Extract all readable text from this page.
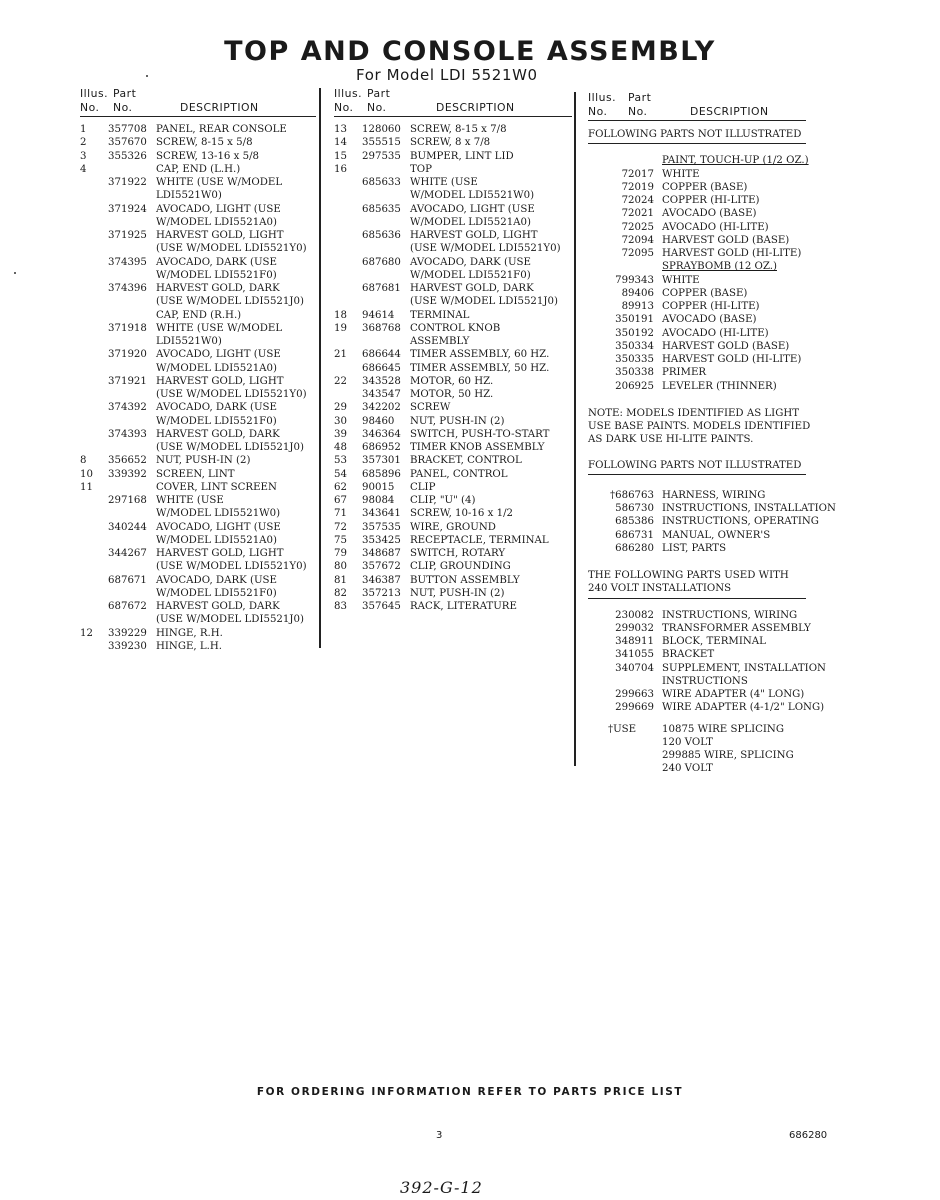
TOP AND CONSOLE ASSEMBLY
For Model LDI 5521W0
Illus. Part
No. No.	DESCRIPTION
1	357708 PANEL, REAR CONSOLE
2	357670 SCREW, 8-15 x 5/8
3	355326 SCREW, 13-16 x 5/8
4	CAP, END (L.H.)
371922 WHITE (USE W/MODEL
LDI5521W0)
371924 AVOCADO, LIGHT (USE
W/MODEL LDI5521A0)
371925 HARVEST GOLD, LIGHT
(USE W/MODEL LDI5521Y0)
374395 AVOCADO, DARK (USE
W/MODEL LDI5521F0)
374396 HARVEST GOLD, DARK
(USE W/MODEL LDI5521J0)
CAP, END (R.H.)
371918 WHITE (USE W/MODEL
LDI5521W0)
371920 AVOCADO, LIGHT (USE
W/MODEL LDI5521A0)
371921 HARVEST GOLD, LIGHT
(USE W/MODEL LDI5521Y0)
374392 AVOCADO, DARK (USE
W/MODEL LDI5521F0)
374393 HARVEST GOLD, DARK
(USE W/MODEL LDI5521J0)
8	356652 NUT, PUSH-IN (2)
10	339392 SCREEN, LINT
11	COVER, LINT SCREEN
297168 WHITE (USE
W/MODEL LDI5521W0)
340244 AVOCADO, LIGHT (USE
W/MODEL LDI5521A0)
344267 HARVEST GOLD, LIGHT
(USE W/MODEL LDI5521Y0)
687671 AVOCADO, DARK (USE
W/MODEL LDI5521F0)
687672 HARVEST GOLD, DARK
(USE W/MODEL LDI5521J0)
12	339229 HINGE, R.H.
339230 HINGE, L.H.
Illus. Part
No. No.	DESCRIPTION
13	128060 SCREW, 8-15 x 7/8
14	355515 SCREW, 8 x 7/8
15	297535 BUMPER, LINT LID
16	TOP
685633 WHITE (USE
W/MODEL LDI5521W0)
685635 AVOCADO, LIGHT (USE
W/MODEL LDI5521A0)
685636 HARVEST GOLD, LIGHT
(USE W/MODEL LDI5521Y0)
687680 AVOCADO, DARK (USE
W/MODEL LDI5521F0)
687681 HARVEST GOLD, DARK
(USE W/MODEL LDI5521J0)
18	94614	TERMINAL
19	368768 CONTROL KNOB
ASSEMBLY
21	686644 TIMER ASSEMBLY, 60 HZ.
686645 TIMER ASSEMBLY, 50 HZ.
22	343528 MOTOR, 60 HZ.
343547 MOTOR, 50 HZ.
29	342202 SCREW
30	98460	NUT, PUSH-IN (2)
39	346364 SWITCH, PUSH-TO-START
48	686952 TIMER KNOB ASSEMBLY
53	357301 BRACKET, CONTROL
54	685896 PANEL, CONTROL
62	90015	CLIP
67	98084	CLIP, "U" (4)
71	343641 SCREW, 10-16 x 1/2
72	357535 WIRE, GROUND
75	353425 RECEPTACLE, TERMINAL
79	348687 SWITCH, ROTARY
80	357672 CLIP, GROUNDING
81	346387 BUTTON ASSEMBLY
82	357213 NUT, PUSH-IN (2)
83	357645 RACK, LITERATURE
Illus. Part
No. No.	DESCRIPTION
FOLLOWING PARTS NOT ILLUSTRATED
PAINT, TOUCH-UP (1/2 OZ.)
72017 WHITE
72019 COPPER (BASE)
72024 COPPER (HI-LITE)
72021 AVOCADO (BASE)
72025 AVOCADO (HI-LITE)
72094 HARVEST GOLD (BASE)
72095 HARVEST GOLD (HI-LITE)
SPRAYBOMB (12 OZ.)
799343 WHITE
89406 COPPER (BASE)
89913 COPPER (HI-LITE)
350191 AVOCADO (BASE)
350192 AVOCADO (HI-LITE)
350334 HARVEST GOLD (BASE)
350335 HARVEST GOLD (HI-LITE)
350338 PRIMER
206925 LEVELER (THINNER)
NOTE: MODELS IDENTIFIED AS LIGHT
USE BASE PAINTS. MODELS IDENTIFIED
AS DARK USE HI-LITE PAINTS.
FOLLOWING PARTS NOT ILLUSTRATED
†686763 HARNESS, WIRING
586730 INSTRUCTIONS, INSTALLATION
685386 INSTRUCTIONS, OPERATING
686731 MANUAL, OWNER'S
686280 LIST, PARTS
THE FOLLOWING PARTS USED WITH
240 VOLT INSTALLATIONS
230082 INSTRUCTIONS, WIRING
299032 TRANSFORMER ASSEMBLY
348911 BLOCK, TERMINAL
341055 BRACKET
340704 SUPPLEMENT, INSTALLATION
INSTRUCTIONS
299663 WIRE ADAPTER (4" LONG)
299669 WIRE ADAPTER (4-1/2" LONG)
†USE	10875 WIRE SPLICING
120 VOLT
299885 WIRE, SPLICING
240 VOLT
FOR ORDERING INFORMATION REFER TO PARTS PRICE LIST
3	686280
392-G-12
